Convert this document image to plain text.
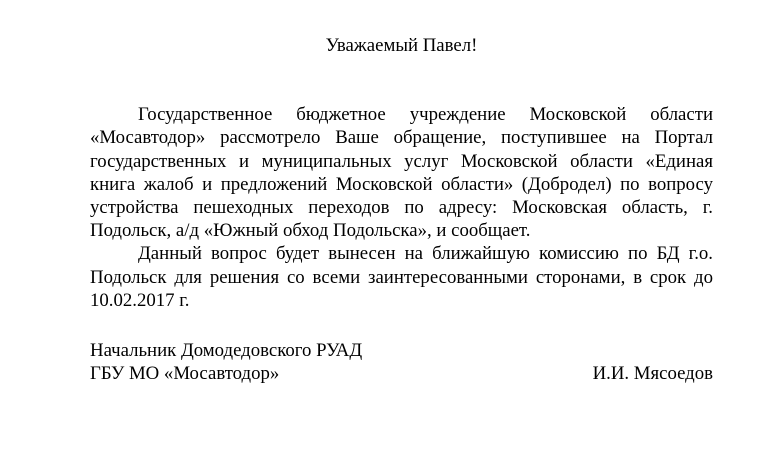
Уважаемый Павел!
Государственное бюджетное учреждение Московской области
«Мосавтодор» рассмотрело Ваше обращение, поступившее на Портал
государственных и муниципальных услуг Московской области «Единая
книга жалоб и предложений Московской области» (Добродел) по вопросу
устройства пешеходных переходов по адресу: Московская область, г.
Подольск, а/д «Южный обход Подольска», и сообщает.
Данный вопрос будет вынесен на ближайшую комиссию по БД г.о.
Подольск для решения со всеми заинтересованными сторонами, в срок до
10.02.2017 г.
Начальник Домодедовского РУАД
ГБУ МО «Мосавтодор»	И.И. Мясоедов
